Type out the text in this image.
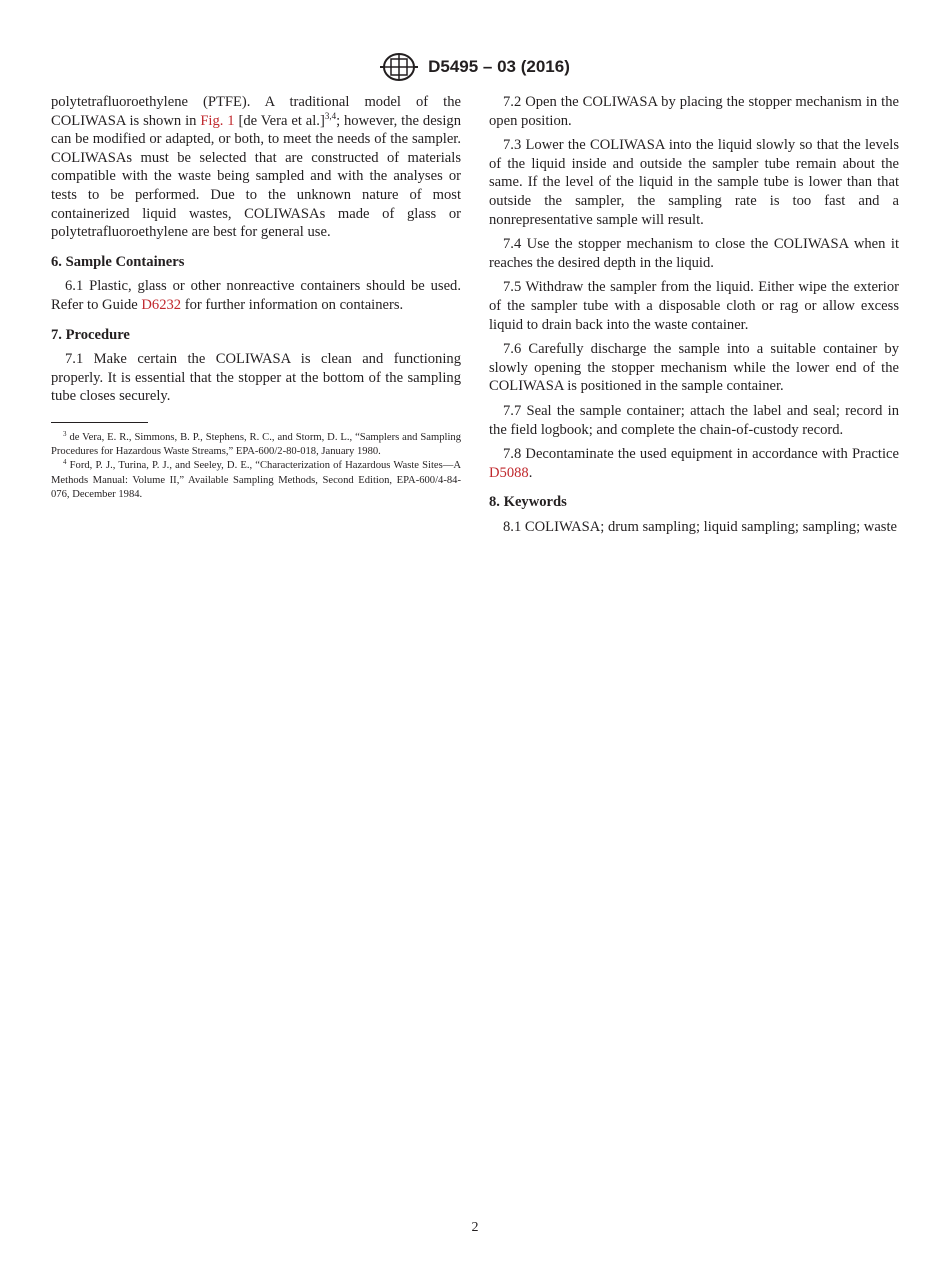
D5495 – 03 (2016)

polytetrafluoroethylene (PTFE). A traditional model of the COLIWASA is shown in Fig. 1 [de Vera et al.]$^{3,4}$; however, the design can be modified or adapted, or both, to meet the needs of the sampler. COLIWASAs must be selected that are constructed of materials compatible with the waste being sampled and with the analyses or tests to be performed. Due to the unknown nature of most containerized liquid wastes, COLIWASAs made of glass or polytetrafluoroethylene are best for general use.

6. Sample Containers

6.1 Plastic, glass or other nonreactive containers should be used. Refer to Guide D6232 for further information on containers.

7. Procedure

7.1 Make certain the COLIWASA is clean and functioning properly. It is essential that the stopper at the bottom of the sampling tube closes securely.

$^3$ de Vera, E. R., Simmons, B. P., Stephens, R. C., and Storm, D. L., “Samplers and Sampling Procedures for Hazardous Waste Streams,” EPA-600/2-80-018, January 1980.

$^4$ Ford, P. J., Turina, P. J., and Seeley, D. E., “Characterization of Hazardous Waste Sites—A Methods Manual: Volume II,” Available Sampling Methods, Second Edition, EPA-600/4-84-076, December 1984.

7.2 Open the COLIWASA by placing the stopper mechanism in the open position.

7.3 Lower the COLIWASA into the liquid slowly so that the levels of the liquid inside and outside the sampler tube remain about the same. If the level of the liquid in the sample tube is lower than that outside the sampler, the sampling rate is too fast and a nonrepresentative sample will result.

7.4 Use the stopper mechanism to close the COLIWASA when it reaches the desired depth in the liquid.

7.5 Withdraw the sampler from the liquid. Either wipe the exterior of the sampler tube with a disposable cloth or rag or allow excess liquid to drain back into the waste container.

7.6 Carefully discharge the sample into a suitable container by slowly opening the stopper mechanism while the lower end of the COLIWASA is positioned in the sample container.

7.7 Seal the sample container; attach the label and seal; record in the field logbook; and complete the chain-of-custody record.

7.8 Decontaminate the used equipment in accordance with Practice D5088.

8. Keywords

8.1 COLIWASA; drum sampling; liquid sampling; sampling; waste

2
